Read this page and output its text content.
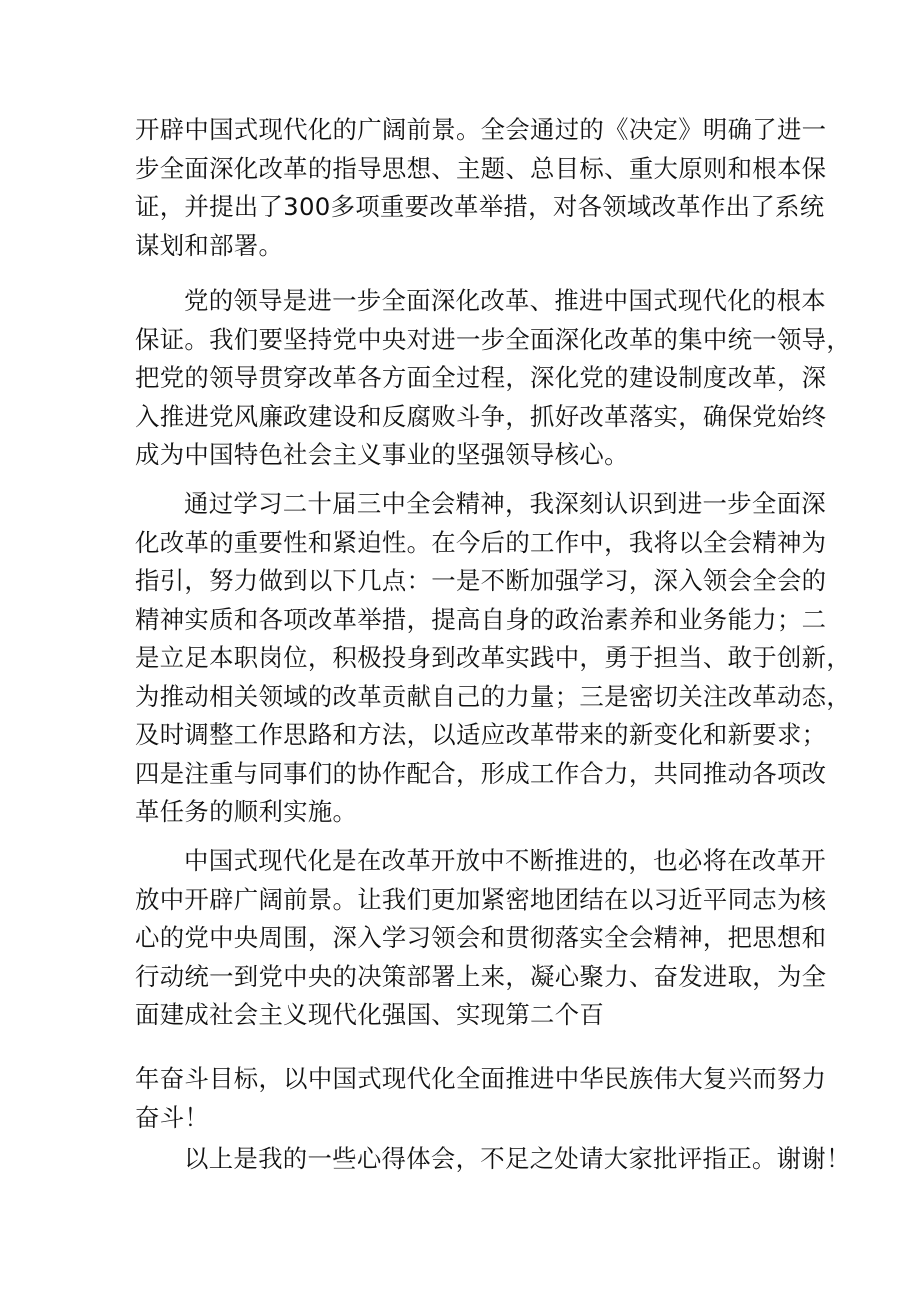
开辟中国式现代化的广阔前景。全会通过的《决定》明确了进一
步全面深化改革的指导思想、主题、总目标、重大原则和根本保
证，并提出了300多项重要改革举措，对各领域改革作出了系统
谋划和部署。

党的领导是进一步全面深化改革、推进中国式现代化的根本
保证。我们要坚持党中央对进一步全面深化改革的集中统一领导，
把党的领导贯穿改革各方面全过程，深化党的建设制度改革，深
入推进党风廉政建设和反腐败斗争，抓好改革落实，确保党始终
成为中国特色社会主义事业的坚强领导核心。

通过学习二十届三中全会精神，我深刻认识到进一步全面深
化改革的重要性和紧迫性。在今后的工作中，我将以全会精神为
指引，努力做到以下几点：一是不断加强学习，深入领会全会的
精神实质和各项改革举措，提高自身的政治素养和业务能力；二
是立足本职岗位，积极投身到改革实践中，勇于担当、敢于创新，
为推动相关领域的改革贡献自己的力量；三是密切关注改革动态，
及时调整工作思路和方法，以适应改革带来的新变化和新要求；
四是注重与同事们的协作配合，形成工作合力，共同推动各项改
革任务的顺利实施。

中国式现代化是在改革开放中不断推进的，也必将在改革开
放中开辟广阔前景。让我们更加紧密地团结在以习近平同志为核
心的党中央周围，深入学习领会和贯彻落实全会精神，把思想和
行动统一到党中央的决策部署上来，凝心聚力、奋发进取，为全
面建成社会主义现代化强国、实现第二个百

年奋斗目标，以中国式现代化全面推进中华民族伟大复兴而努力
奋斗！

以上是我的一些心得体会，不足之处请大家批评指正。谢谢！
